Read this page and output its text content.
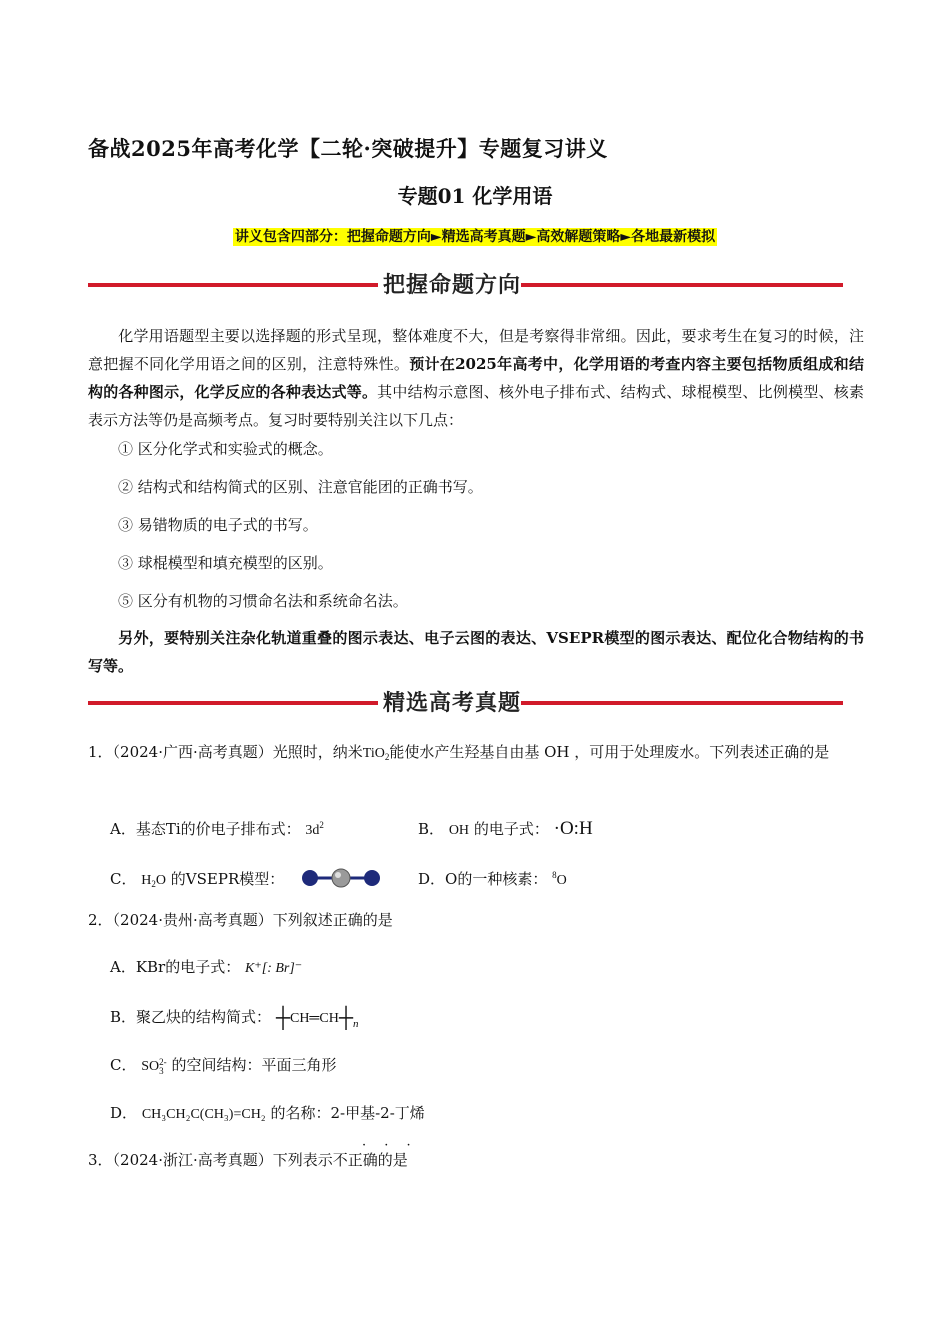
备战2025年高考化学【二轮·突破提升】专题复习讲义
专题01 化学用语
讲义包含四部分：把握命题方向►精选高考真题►高效解题策略►各地最新模拟
把握命题方向
化学用语题型主要以选择题的形式呈现，整体难度不大，但是考察得非常细。因此，要求考生在复习的时候，注意把握不同化学用语之间的区别，注意特殊性。预计在2025年高考中，化学用语的考查内容主要包括物质组成和结构的各种图示，化学反应的各种表达式等。其中结构示意图、核外电子排布式、结构式、球棍模型、比例模型、核素表示方法等仍是高频考点。复习时要特别关注以下几点：
① 区分化学式和实验式的概念。
② 结构式和结构简式的区别、注意官能团的正确书写。
③ 易错物质的电子式的书写。
③ 球棍模型和填充模型的区别。
⑤ 区分有机物的习惯命名法和系统命名法。
另外，要特别关注杂化轨道重叠的图示表达、电子云图的表达、VSEPR模型的图示表达、配位化合物结构的书写等。
精选高考真题
1．（2024·广西·高考真题）光照时，纳米TiO$_2$能使水产生羟基自由基 OH ，可用于处理废水。下列表述正确的是
A．基态Ti的价电子排布式： $3d^2$	B． OH 的电子式： ·O:H
C． $H_2O$ 的VSEPR模型：	D．O的一种核素： $^8$O
2．（2024·贵州·高考真题）下列叙述正确的是
A．KBr的电子式： K⁺[: Br]⁻
B．聚乙炔的结构简式： $┼CH═CH┼_n$
C． SO 2-
3 的空间结构：平面三角形
D． CH₃CH₂C(CH₃)=CH₂ 的名称：2-甲基-2-丁烯
· · ·
3．（2024·浙江·高考真题）下列表示不正确的是
